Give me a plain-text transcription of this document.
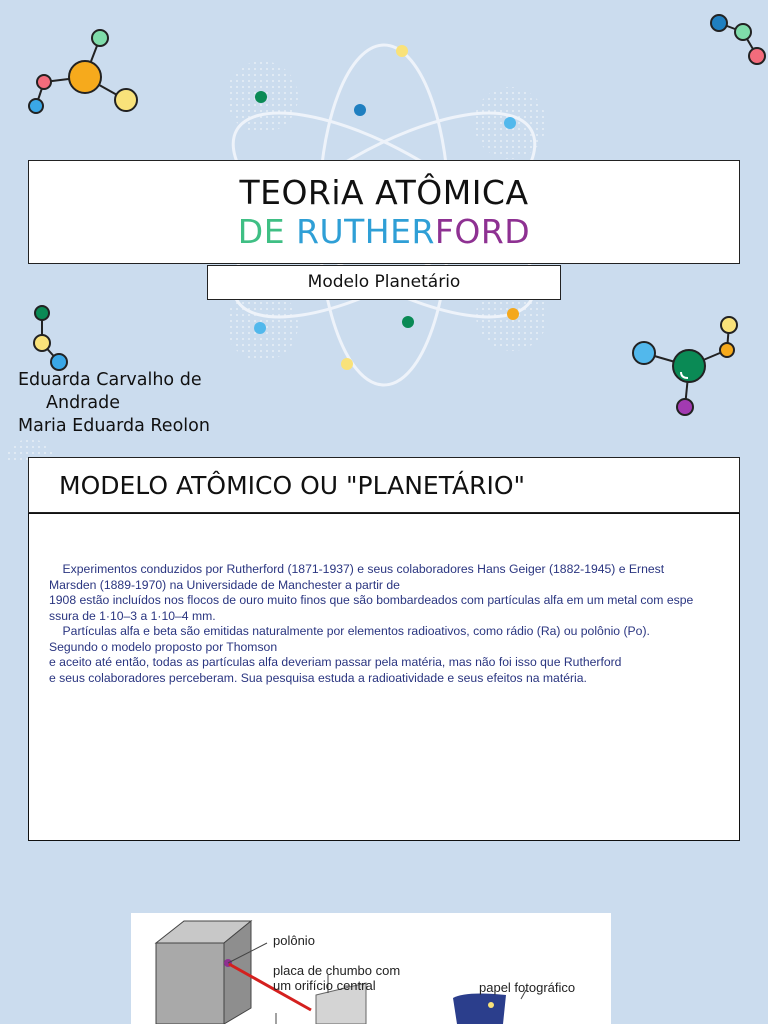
TEORiA ATÔMICA
DE RUTHERFORD
Modelo Planetário
Eduarda Carvalho de
Andrade
Maria Eduarda Reolon
MODELO ATÔMICO OU "PLANETÁRIO"
Experimentos conduzidos por Rutherford (1871-1937) e seus colaboradores Hans Geiger (1882-1945) e Ernest
Marsden (1889-1970) na Universidade de Manchester a partir de
1908 estão incluídos nos flocos de ouro muito finos que são bombardeados com partículas alfa em um metal com espe
ssura de 1·10–3 a 1·10–4 mm.
Partículas alfa e beta são emitidas naturalmente por elementos radioativos, como rádio (Ra) ou polônio (Po).
Segundo o modelo proposto por Thomson
e aceito até então, todas as partículas alfa deveriam passar pela matéria, mas não foi isso que Rutherford
e seus colaboradores perceberam. Sua pesquisa estuda a radioatividade e seus efeitos na matéria.
polônio
placa de chumbo com
um orifício central	papel fotográfico
